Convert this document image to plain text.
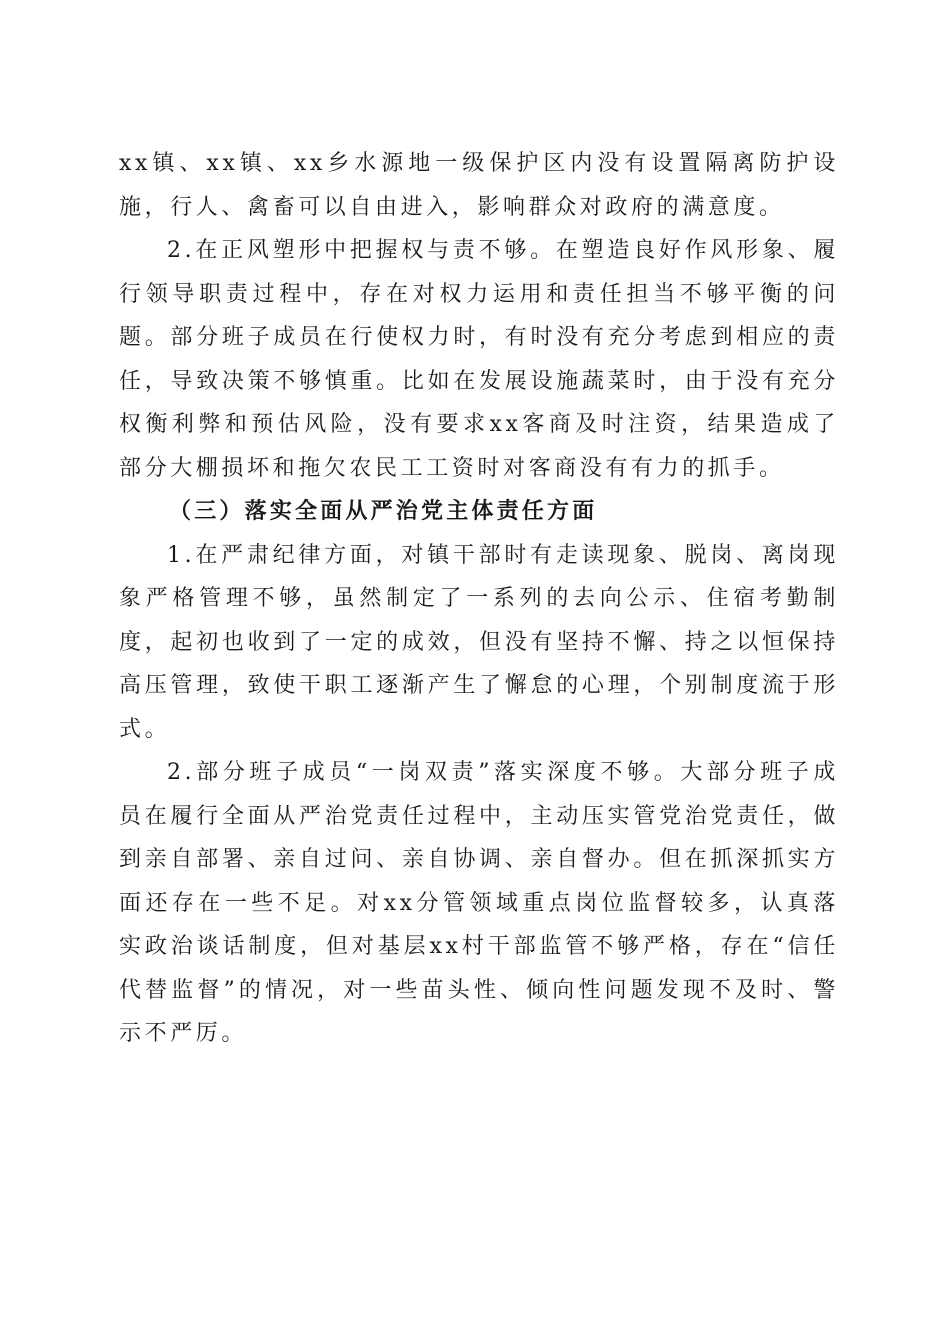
xx镇、xx镇、xx乡水源地一级保护区内没有设置隔离防护设施，行人、禽畜可以自由进入，影响群众对政府的满意度。

2.在正风塑形中把握权与责不够。在塑造良好作风形象、履行领导职责过程中，存在对权力运用和责任担当不够平衡的问题。部分班子成员在行使权力时，有时没有充分考虑到相应的责任，导致决策不够慎重。比如在发展设施蔬菜时，由于没有充分权衡利弊和预估风险，没有要求xx客商及时注资，结果造成了部分大棚损坏和拖欠农民工工资时对客商没有有力的抓手。

（三）落实全面从严治党主体责任方面

1.在严肃纪律方面，对镇干部时有走读现象、脱岗、离岗现象严格管理不够，虽然制定了一系列的去向公示、住宿考勤制度，起初也收到了一定的成效，但没有坚持不懈、持之以恒保持高压管理，致使干职工逐渐产生了懈怠的心理，个别制度流于形式。

2.部分班子成员“一岗双责”落实深度不够。大部分班子成员在履行全面从严治党责任过程中，主动压实管党治党责任，做到亲自部署、亲自过问、亲自协调、亲自督办。但在抓深抓实方面还存在一些不足。对xx分管领域重点岗位监督较多，认真落实政治谈话制度，但对基层xx村干部监管不够严格，存在“信任代替监督”的情况，对一些苗头性、倾向性问题发现不及时、警示不严厉。
